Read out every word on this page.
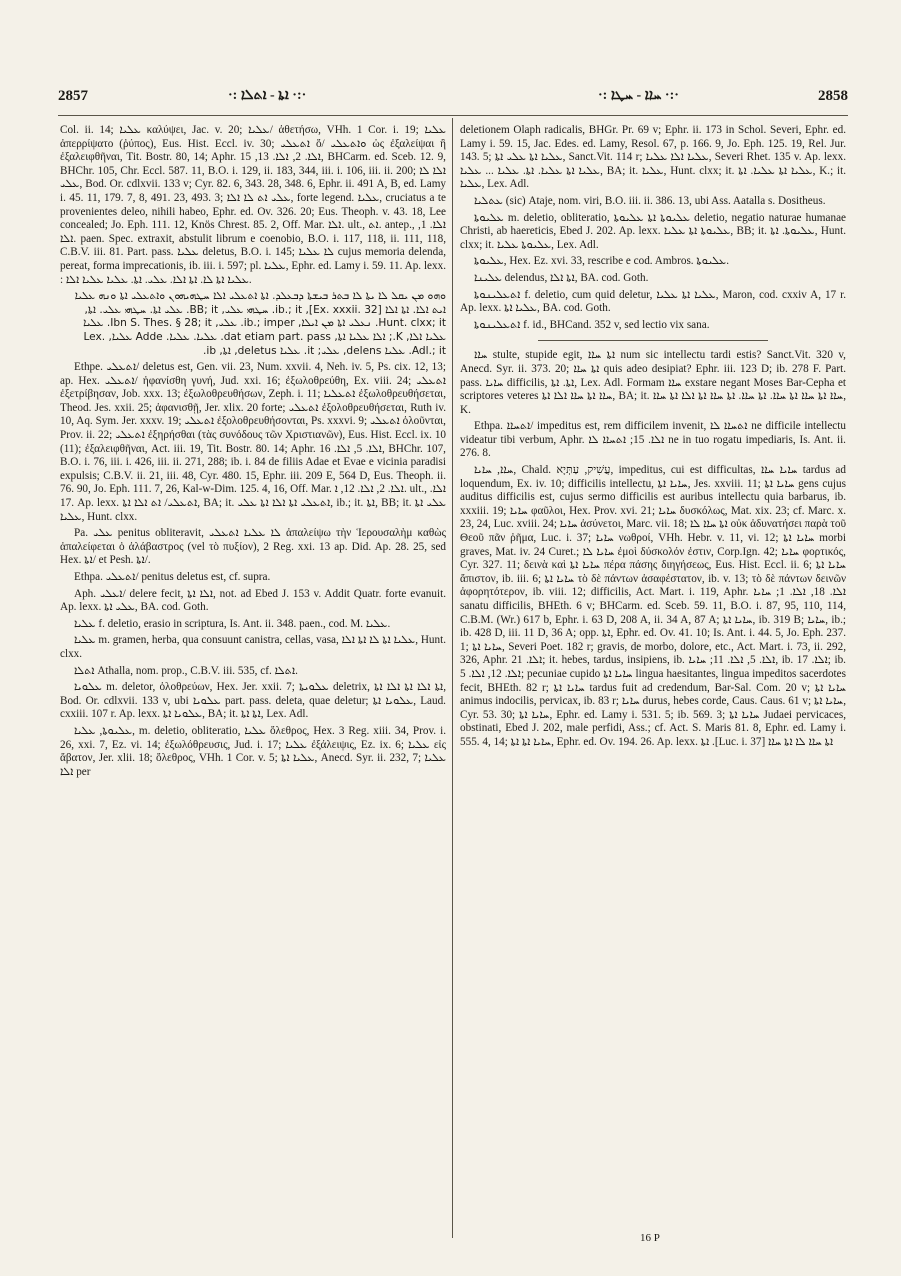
2857	·:· ܐܬܐ - ܐܬܠܐ :·	·:· ܚܐܐ - ܚܛܐ :·	2858

Col. ii. 14; ܥܠܝܐ καλύψει, Jac. v. 20; ܥܠܝܐ/ ἀθετήσω, VHh. 1 Cor. i. 19; ܥܠܝܐ ἀπερρίψατο (ῥύπος), Eus. Hist. Eccl. iv. 30; ܐܬܥܠܝ ὅ/ ܘܐܬܥܠܝ ὡς ἐξαλείψαι ἢ ἐξαλειφθῆναι, Tit. Bostr. 80, 14; Aphr. ܐܠܐ. 2, ܐܠܐ. 13, 15, BHCarm. ed. Sceb. 12. 9, BHChr. 105, Chr. Eccl. 587. 11, B.O. i. 129, ii. 183, 344, iii. i. 106, iii. ii. 200; ܐܠܐ ܠܐ ܥܠܝ, Bod. Or. cdlxvii. 133 v; Cyr. 82. 6, 343. 28, 348. 6, Ephr. ii. 491 A, B, ed. Lamy i. 45. 11, 179. 7, 8, 491. 23, 493. 3; ܥܠܝ ܐܬ ܠܐ ܐܠܐ, forte legend. ܥܠܝܐ, cruciatus a te provenientes deleo, nihili habeo, Ephr. ed. Ov. 326. 20; Eus. Theoph. v. 43. 18, Lee concealed; Jo. Eph. 111. 12, Knös Chrest. 85. 2, Off. Mar. ܐܠܐ. ult., ܐܬ. antep., ܐܠܐ. 1, ܐܠܐ. paen. Spec. extraxit, abstulit librum e coenobio, B.O. i. 117, 118, ii. 111, 118, C.B.V. iii. 81. Part. pass. ܥܠܝܐ deletus, B.O. i. 145; ܠܐ ܥܠܝܐ cujus memoria delenda, pereat, forma imprecationis, ib. iii. i. 597; pl. ܥܠܝܐ, Ephr. ed. Lamy i. 59. 11. Ap. lexx. : ܥܠܝܐ ܐܬܐ ܠܐ. ܐܬܐ ܐܠܐ. ܥܠܝ. ܐܬܐ. ܥܠܝܐ ܥܠܝܐ ܐܠܐ.

ܘܗܘ ܡܢ ܝܩܠ ܠܐ ܝܬܐ ܠܐ ܒܬܪ ܒܝܫܬܐ ܕܒܥܠܕ. ܐܬܐ ܐܬܥܠܝ ܐܠܐ ܚܛܗܝܗܘܢ ܘܐܬܥܠܝ ܐܬܐ ܘܢܗ ܥܠܝܐ ܐܝܬ ܐܠܐ. ܐܬܐ ܐܠܐ [Ex. xxxii. 32], ib.; it. ܚܛܗܝ ܥܠܝ, BB; it. ܥܠܝ ܐܬܐ. ܚܛܗܝ ܥܠܝ. ܐܬܐ, Hunt. clxx; it. ܢܥܠܝ ܐܬܐ ܡܢ ܐܝܠܐ, ib.; imper. ܥܠܝ, Ibn S. Thes. § 28; it. ܥܠܝܐ ܥܠܝܐ ܐܠܐ, K.; ܐܠܐ ܥܠܝܐ ܐܬܐ, dat etiam part. pass. ܥܠܝܐ. ܥܠܝܐ. Adde ܥܠܝܐ, Lex. Adl.; it. ܥܠܝܐ delens, ܥܠܝ; it. ܥܠܝܐ deletus, ܐܬܐ, ib.

Ethpe. ܐܬܥܠܝ/ deletus est, Gen. vii. 23, Num. xxvii. 4, Neh. iv. 5, Ps. cix. 12, 13; ap. Hex. ܐܬܥܠܝ/ ἠφανίσθη γυνή, Jud. xxi. 16; ἐξωλοθρεύθη, Ex. viii. 24; ܐܬܥܠܝ ἐξετρίβησαν, Job. xxx. 13; ἐξωλοθρευθήσων, Zeph. i. 11; ܐܬܥܠܝܐ ἐξωλοθρευθήσεται, Theod. Jes. xxii. 25; ἀφανισθῇ, Jer. xlix. 20 forte; ܐܬܥܠܝ ἐξολοθρευθήσεται, Ruth iv. 10, Aq. Sym. Jer. xxxv. 19; ܐܬܥܠܝ ἐξολοθρευθήσονται, Ps. xxxvi. 9; ܐܬܥܠܝ ὀλοῦνται, Prov. ii. 22; ܐܬܥܠܝ ἐξηρήσθαι (τὰς συνόδους τῶν Χριστιανῶν), Eus. Hist. Eccl. ix. 10 (11); ἐξαλειφθῆναι, Act. iii. 19, Tit. Bostr. 80. 14; Aphr. ܐܠܐ. 5, ܐܠܐ. 16, BHChr. 107, B.O. i. 76, iii. i. 426, iii. ii. 271, 288; ib. i. 84 de filiis Adae et Evae e vicinia paradisi expulsis; C.B.V. ii. 21, iii. 48, Cyr. 480. 15, Ephr. iii. 209 E, 564 D, Eus. Theoph. ii. 76. 90, Jo. Eph. 111. 7, 26, Kal-w-Dim. 125. 4, 16, Off. Mar. ܐܠܐ. 2, ܐܠܐ. 12, ܐ. ult., ܐܠܐ. 17. Ap. lexx. ܐܬܥܠܝ/ ܐܬ ܐܠܐ ܐܬܐ, BA; it. ܐܬܥܠܝ ܐܬܐ ܐܠܐ ܐܬܐ ܥܠܝ, ib.; it. ܐܬܐ, BB; it. ܥܠܝ ܐܬܐ ܥܠܝܐ, Hunt. clxx.

Pa. ܥܠܝ penitus obliteravit, ܠܐ ܥܠܝܐ ܐܬܥܠܝ ἀπαλείψω τὴν Ἱερουσαλὴμ καθὼς ἀπαλείφεται ὁ ἀλάβαστρος (vel τὸ πυξίον), 2 Reg. xxi. 13 ap. Did. Ap. 28. 25, sed Hex. ܐܬܐ/ et Pesh. ܐܬܐ/.

Ethpa. ܐܬܥܠܝ/ penitus deletus est, cf. supra.

Aph. ܐܥܠܝ/ delere fecit, ܐܠܐ ܐܬܐ, not. ad Ebed J. 153 v. Addit Quatr. forte evanuit. Ap. lexx. ܥܠܝ ܐܬܐ, BA. cod. Goth.

ܥܠܝܐ f. deletio, erasio in scriptura, Is. Ant. ii. 348. paen., cod. M. ܥܠܝܐ.

ܥܠܝܐ m. gramen, herba, qua consuunt canistra, cellas, vasa, ܥܠܝܐ ܐܬܐ ܠܐ ܐܬܐ ܐܠܐ, Hunt. clxx.

ܐܬܠܐ Athalla, nom. prop., C.B.V. iii. 535, cf. ܐܬܠܐ.

ܥܠܘܝܐ m. deletor, ὀλοθρεύων, Hex. Jer. xxii. 7; ܥܠܘܝܬܐ deletrix, ܐܬܐ ܐܠܐ ܐܬܐ ܐܠܐ ܐܬܐ, Bod. Or. cdlxvii. 133 v, ubi ܥܠܘܝܐ part. pass. deleta, quae deletur; ܥܠܘܝܐ ܐܬܐ, Laud. cxxiii. 107 r. Ap. lexx. ܥܠܘܝܐ ܐܬܐ, BA; it. ܐܬܐ ܐܬܐ, Lex. Adl.

ܥܠܝܘܬܐ, ܥܠܝܐ, m. deletio, obliteratio, ܥܠܝܐ ὄλεθρος, Hex. 3 Reg. xiii. 34, Prov. i. 26, xxi. 7, Ez. vi. 14; ἐξωλόθρευσις, Jud. i. 17; ܥܠܝܐ ἐξάλειψις, Ez. ix. 6; ܥܠܝܐ εἰς ἄβατον, Jer. xlii. 18; ὄλεθρος, VHh. 1 Cor. v. 5; ܥܠܝܐ ܐܬܐ, Anecd. Syr. ii. 232, 7; ܥܠܝܐ ܐܠܐ per

deletionem Olaph radicalis, BHGr. Pr. 69 v; Ephr. ii. 173 in Schol. Severi, Ephr. ed. Lamy i. 59. 15, Jac. Edes. ed. Lamy, Resol. 67, p. 166. 9, Jo. Eph. 125. 19, Rel. Jur. 143. 5; ܥܠܝܐ ܐܬܐ ܥܠܝ ܐܬܐ, Sanct.Vit. 114 r; ܥܠܝܐ ܐܠܐ ܥܠܝܐ, Severi Rhet. 135 v. Ap. lexx. ܥܠܝܐ ܐܬܐ ܥܠܝܐ. ܐܬܐ. ܥܠܝܐ ... ܥܠܝܐ, BA; it. ܥܠܝܐ, Hunt. clxx; it. ܥܠܝܐ ܐܬܐ ܥܠܝܐ. ܐܬܐ, K.; it. ܥܠܝܐ, Lex. Adl.

ܥܬܠܝܐ (sic) Ataje, nom. viri, B.O. iii. ii. 386. 13, ubi Ass. Aatalla s. Dositheus.

ܥܠܝܘܬܐ m. deletio, obliteratio, ܥܠܝܘܬܐ ܐܬܐ ܥܠܝܘܬܐ deletio, negatio naturae humanae Christi, ab haereticis, Ebed J. 202. Ap. lexx. ܥܠܝܘܬܐ ܐܬܐ ܥܠܝܐ, BB; it. ܥܠܝܘܬܐ. ܐܬܐ, Hunt. clxx; it. ܥܠܝܘܬܐ ܥܠܝܐ, Lex. Adl.

ܥܠܝܘܬܐ, Hex. Ez. xvi. 33, rescribe e cod. Ambros. ܥܠܝܘܬܐ.

ܥܠܝܢܐ delendus, ܐܬܐ ܐܠܐ, BA. cod. Goth.

ܐܬܥܠܝܢܘܬܐ f. deletio, cum quid deletur, ܥܠܝܐ ܐܬܐ ܥܠܝܐ, Maron, cod. cxxiv A, 17 r. Ap. lexx. ܥܠܝܐ ܐܬܐ, BA. cod. Goth.

ܐܬܥܠܝܢܘܬܐ f. id., BHCand. 352 v, sed lectio vix sana.

ܚܐܐ stulte, stupide egit, ܐܬܐ ܚܐܐ num sic intellectu tardi estis? Sanct.Vit. 320 v, Anecd. Syr. ii. 373. 20; ܐܬܐ ܚܐܐ quis adeo desipiat? Ephr. iii. 123 D; ib. 278 F. Part. pass. ܚܐܝܐ difficilis, ܐܬܐ. ܐܬܐ, Lex. Adl. Formam ܚܐܐ exstare negant Moses Bar-Cepha et scriptores veteres ܚܐܐ ܐܬܐ ܚܐܐ ܐܠܐ ܐܬܐ, BA; it. ܚܐܐ ܐܬܐ ܚܐܐ ܐܬܐ ܚܐܐ. ܐܬܐ ܚܐܐ. ܐܬܐ ܚܐܐ ܐܬܐ ܐܠܐ ܐܬܐ ܚܐܐ, K.

Ethpa. ܐܬܚܐܐ/ impeditus est, rem difficilem invenit, ܐܬܚܐܐ ܠܐ ne difficile intellectu videatur tibi verbum, Aphr. ܐܠܐ. 15; ܐܬܚܐܐ ܠܐ ne in tuo rogatu impediaris, Is. Ant. ii. 276. 8.

ܚܐܐ, ܚܐܝܐ, Chald. עֲשִׁיק, עַתְּיָא, impeditus, cui est difficultas, ܚܐܝܐ ܚܐܐ tardus ad loquendum, Ex. iv. 10; difficilis intellectu, ܚܐܝܐ ܐܬܐ, Jes. xxviii. 11; ܚܐܝܐ ܐܬܐ gens cujus auditus difficilis est, cujus sermo difficilis est auribus intellectu quia barbarus, ib. xxxiii. 19; ܚܐܝܐ φαῦλοι, Hex. Prov. xvi. 21; ܚܐܝܐ δυσκόλως, Mat. xix. 23; cf. Marc. x. 23, 24, Luc. xviii. 24; ܚܐܝܐ ἀσύνετοι, Marc. vii. 18; ܐܬܐ ܚܐܐ ܠܐ οὐκ ἀδυνατήσει παρὰ τοῦ Θεοῦ πᾶν ῥῆμα, Luc. i. 37; ܚܐܝܐ νωθροί, VHh. Hebr. v. 11, vi. 12; ܚܐܝܐ ܐܬܐ morbi graves, Mat. iv. 24 Curet.; ܚܐܝܐ ܠܐ ἐμοὶ δύσκολόν ἐστιν, Corp.Ign. 42; ܚܐܝܐ φορτικός, Cyr. 327. 11; δεινὰ καὶ ܚܐܝܐ ܐܬܐ πέρα πάσης διηγήσεως, Eus. Hist. Eccl. ii. 6; ܚܐܝܐ ܐܬܐ ἄπιστον, ib. iii. 6; ܚܐܝܐ ܐܬܐ τὸ δὲ πάντων ἀσαφέστατον, ib. v. 13; τὸ δὲ πάντων δεινῶν ἀφορητότερον, ib. viii. 12; difficilis, Act. Mart. i. 119, Aphr. ܐܠܐ. 18, ܐܠܐ. 1; ܚܐܝܐ sanatu difficilis, BHEth. 6 v; BHCarm. ed. Sceb. 59. 11, B.O. i. 87, 95, 110, 114, C.B.M. (Wr.) 617 b, Ephr. i. 63 D, 208 A, ii. 34 A, 87 A; ܚܐܝܐ ܐܬܐ, ib. 319 B; ܚܐܝܐ, ib.; ib. 428 D, iii. 11 D, 36 A; opp. ܐܬܐ, Ephr. ed. Ov. 41. 10; Is. Ant. i. 44. 5, Jo. Eph. 237. 1; ܚܐܝܐ ܐܬܐ, Severi Poet. 182 r; gravis, de morbo, dolore, etc., Act. Mart. i. 73, ii. 292, 326, Aphr. ܐܠܐ. 21; it. hebes, tardus, insipiens, ib. ܐܠܐ. 5, ܐܠܐ. 11; ܚܐܝܐ, ib. ܐܠܐ. 17; ib. ܐܠܐ. 12, ܐܠܐ. 5; pecuniae cupido ܚܐܝܐ ܐܬܐ lingua haesitantes, lingua impeditos sacerdotes fecit, BHEth. 82 r; ܚܐܝܐ ܐܬܐ tardus fuit ad credendum, Bar-Sal. Com. 20 v; ܚܐܝܐ ܐܬܐ animus indocilis, pervicax, ib. 83 r; ܚܐܝܐ durus, hebes corde, Caus. Caus. 61 v; ܚܐܝܐ ܐܬܐ, Cyr. 53. 30; ܚܐܝܐ ܐܬܐ, Ephr. ed. Lamy i. 531. 5; ib. 569. 3; ܚܐܝܐ ܐܬܐ Judaei pervicaces, obstinati, Ebed J. 202, male perfidi, Ass.; cf. Act. S. Maris 81. 8, Ephr. ed. Lamy i. 555. 4, 14; ܚܐܝܐ ܐܬܐ ܐܬܐ, Ephr. ed. Ov. 194. 26. Ap. lexx. ܐܬܐ .[Luc. i. 37] ܐܬܐ ܚܐܐ ܠܐ ܐܬܐ ܚܐܐ

16 P
